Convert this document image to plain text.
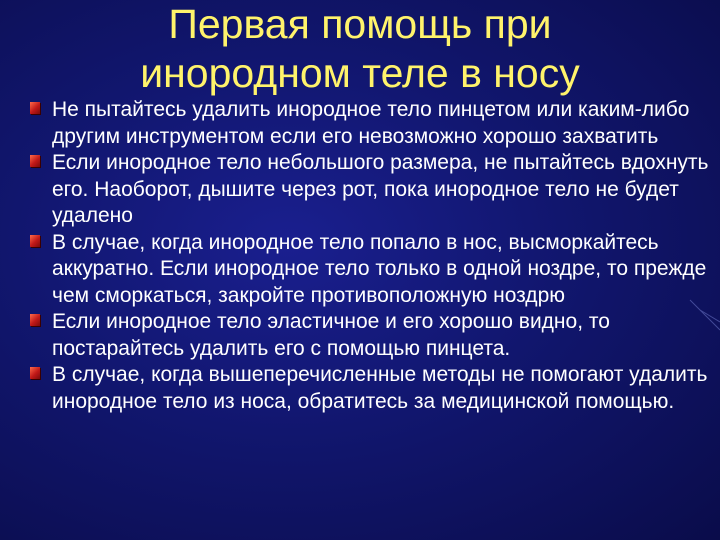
Первая помощь при
инородном теле в носу
Не пытайтесь удалить инородное тело пинцетом или каким-либо другим инструментом если его невозможно хорошо захватить
Если инородное тело небольшого размера, не пытайтесь вдохнуть его. Наоборот, дышите через рот, пока инородное тело не будет удалено
В случае, когда инородное тело попало в нос, высморкайтесь аккуратно. Если инородное тело только в одной ноздре, то прежде чем сморкаться, закройте противоположную ноздрю
Если инородное тело эластичное и его хорошо видно, то постарайтесь удалить его с помощью пинцета.
В случае, когда вышеперечисленные методы не помогают удалить инородное тело из носа, обратитесь за медицинской помощью.
